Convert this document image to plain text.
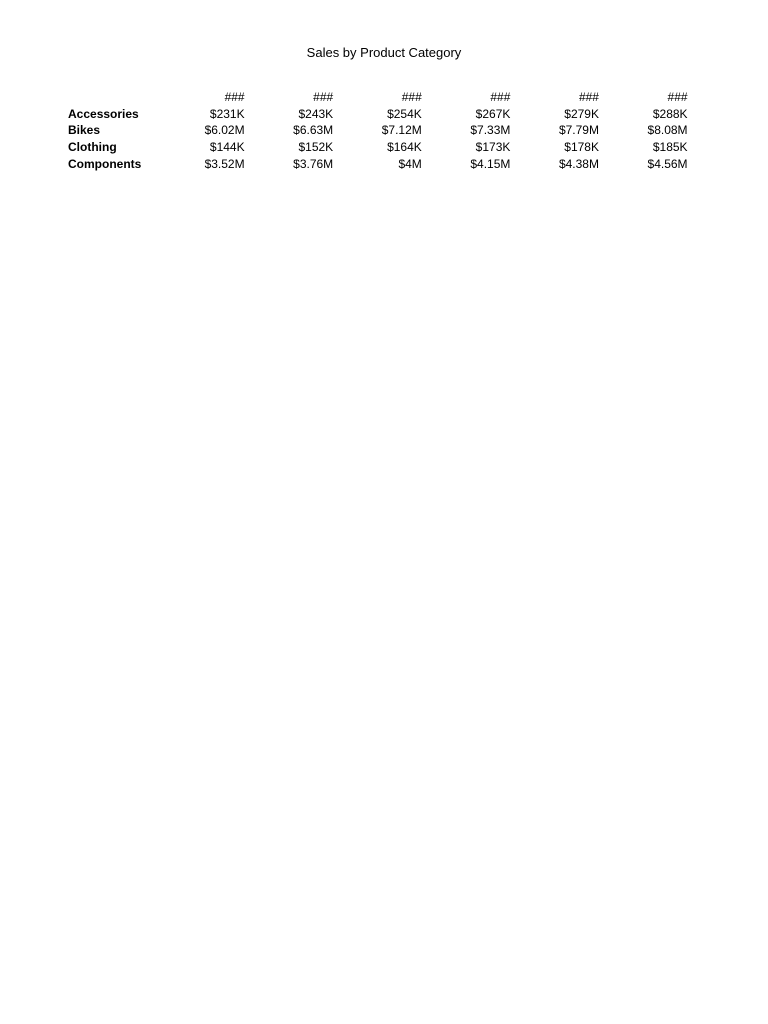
Sales by Product Category
	###	###	###	###	###	###
Accessories	$231K	$243K	$254K	$267K	$279K	$288K
Bikes	$6.02M	$6.63M	$7.12M	$7.33M	$7.79M	$8.08M
Clothing	$144K	$152K	$164K	$173K	$178K	$185K
Components	$3.52M	$3.76M	$4M	$4.15M	$4.38M	$4.56M
